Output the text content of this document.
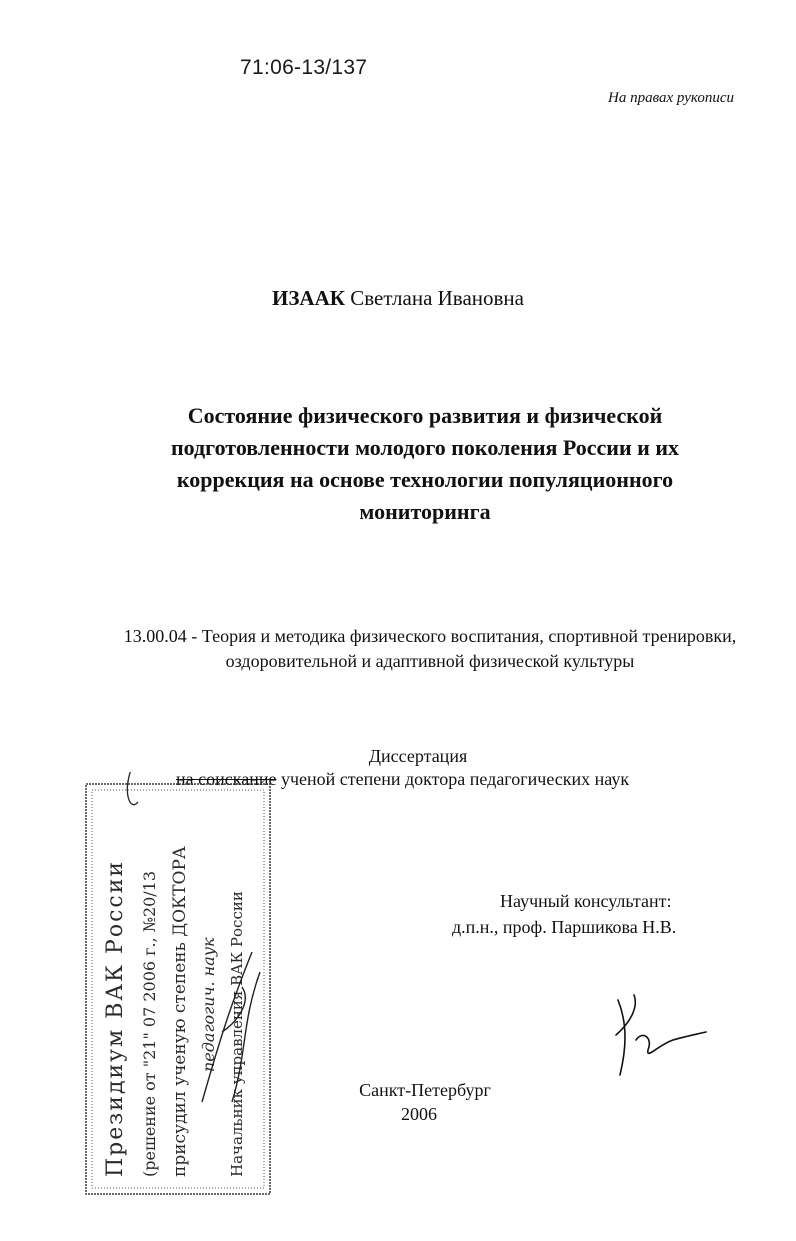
71:06-13/137
На правах рукописи
ИЗААК Светлана Ивановна
Состояние физического развития и физической
подготовленности молодого поколения России и их
коррекция на основе технологии популяционного
мониторинга
13.00.04 - Теория и методика физического воспитания, спортивной тренировки,
оздоровительной и адаптивной физической культуры
Диссертация
на соискание ученой степени доктора педагогических наук
Научный консультант:
д.п.н., проф. Паршикова Н.В.
Санкт-Петербург
2006
Президиум ВАК России (решение от "21" 07 2006 г., №20/13 присудил ученую степень ДОКТОРА педагогич. наук Начальник управления ВАК России
